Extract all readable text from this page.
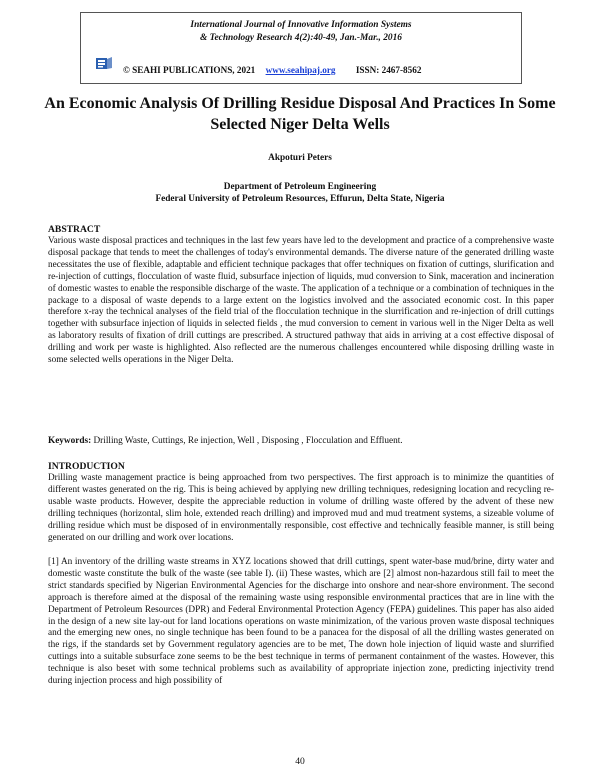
International Journal of Innovative Information Systems
& Technology Research 4(2):40-49, Jan.-Mar., 2016
© SEAHI PUBLICATIONS, 2021 www.seahipaj.org ISSN: 2467-8562
An Economic Analysis Of Drilling Residue Disposal And Practices In Some Selected Niger Delta Wells
Akpoturi Peters
Department of Petroleum Engineering
Federal University of Petroleum Resources, Effurun, Delta State, Nigeria
ABSTRACT

Various waste disposal practices and techniques in the last few years have led to the development and practice of a comprehensive waste disposal package that tends to meet the challenges of today's environmental demands. The diverse nature of the generated drilling waste necessitates the use of flexible, adaptable and efficient technique packages that offer techniques on fixation of cuttings, slurification and re-injection of cuttings, flocculation of waste fluid, subsurface injection of liquids, mud conversion to Sink, maceration and incineration of domestic wastes to enable the responsible discharge of the waste. The application of a technique or a combination of techniques in the package to a disposal of waste depends to a large extent on the logistics involved and the associated economic cost. In this paper therefore x-ray the technical analyses of the field trial of the flocculation technique in the slurrification and re-injection of drill cuttings together with subsurface injection of liquids in selected fields , the mud conversion to cement in various well in the Niger Delta as well as laboratory results of fixation of drill cuttings are prescribed. A structured pathway that aids in arriving at a cost effective disposal of drilling and work per waste is highlighted. Also reflected are the numerous challenges encountered while disposing drilling waste in some selected wells operations in the Niger Delta.

Keywords: Drilling Waste, Cuttings, Re injection, Well , Disposing , Flocculation and Effluent.
INTRODUCTION

Drilling waste management practice is being approached from two perspectives. The first approach is to minimize the quantities of different wastes generated on the rig. This is being achieved by applying new drilling techniques, redesigning location and recycling re-usable waste products. However, despite the appreciable reduction in volume of drilling waste offered by the advent of these new drilling techniques (horizontal, slim hole, extended reach drilling) and improved mud and mud treatment systems, a sizeable volume of drilling residue which must be disposed of in environmentally responsible, cost effective and technically feasible manner, is still being generated on our drilling and work over locations.

[1] An inventory of the drilling waste streams in XYZ locations showed that drill cuttings, spent water-base mud/brine, dirty water and domestic waste constitute the bulk of the waste (see table I). (ii) These wastes, which are [2] almost non-hazardous still fail to meet the strict standards specified by Nigerian Environmental Agencies for the discharge into onshore and near-shore environment. The second approach is therefore aimed at the disposal of the remaining waste using responsible environmental practices that are in line with the Department of Petroleum Resources (DPR) and Federal Environmental Protection Agency (FEPA) guidelines. This paper has also aided in the design of a new site lay-out for land locations operations on waste minimization, of the various proven waste disposal techniques and the emerging new ones, no single technique has been found to be a panacea for the disposal of all the drilling wastes generated on the rigs, if the standards set by Government regulatory agencies are to be met, The down hole injection of liquid waste and slurrified cuttings into a suitable subsurface zone seems to be the best technique in terms of permanent containment of the wastes. However, this technique is also beset with some technical problems such as availability of appropriate injection zone, predicting injectivity trend during injection process and high possibility of

40
